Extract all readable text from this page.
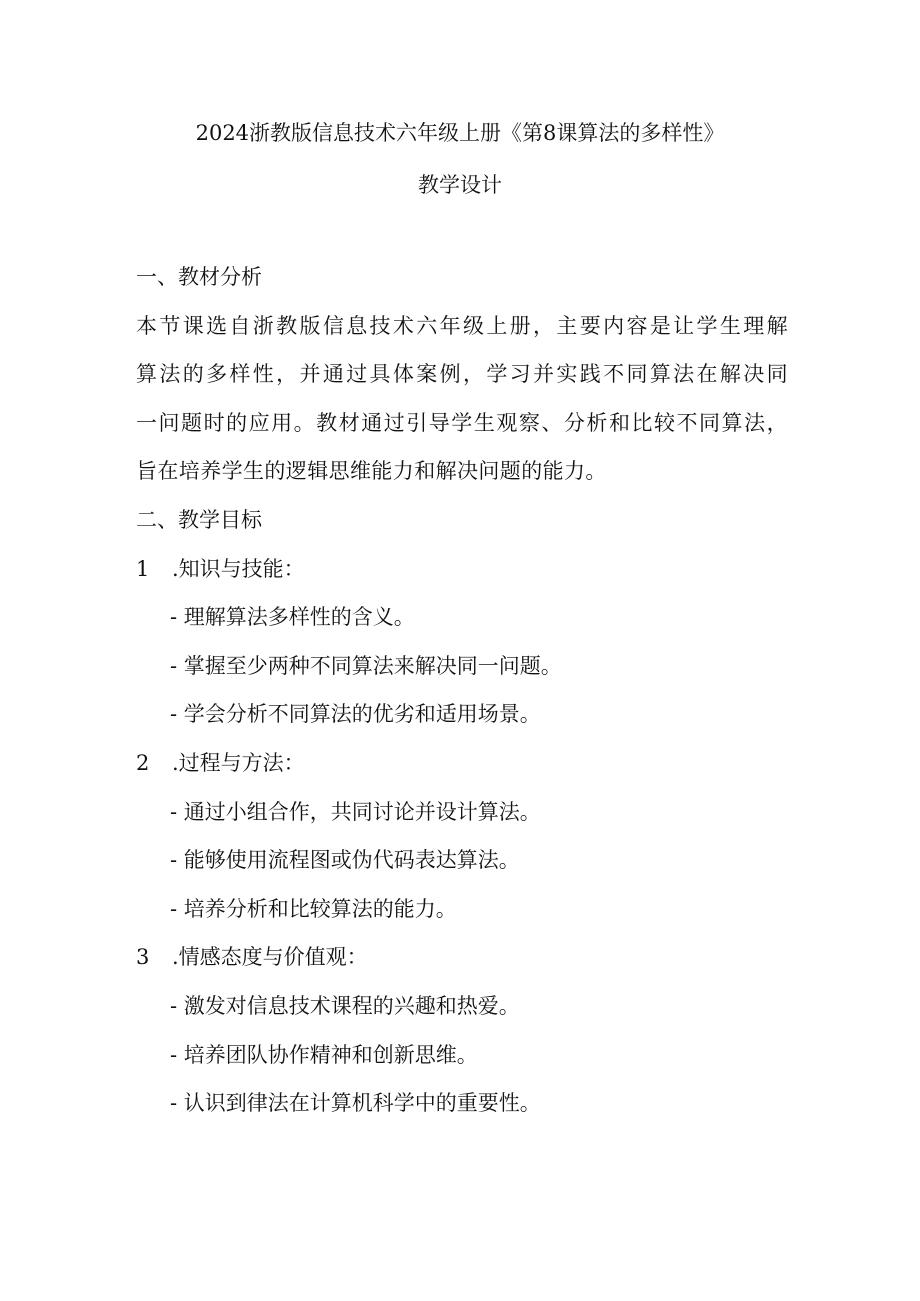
2024浙教版信息技术六年级上册《第8课算法的多样性》
教学设计
一、教材分析
本节课选自浙教版信息技术六年级上册，主要内容是让学生理解
算法的多样性，并通过具体案例，学习并实践不同算法在解决同
一问题时的应用。教材通过引导学生观察、分析和比较不同算法，
旨在培养学生的逻辑思维能力和解决问题的能力。
二、教学目标
1 .知识与技能：
- 理解算法多样性的含义。
- 掌握至少两种不同算法来解决同一问题。
- 学会分析不同算法的优劣和适用场景。
2 .过程与方法：
- 通过小组合作，共同讨论并设计算法。
- 能够使用流程图或伪代码表达算法。
- 培养分析和比较算法的能力。
3 .情感态度与价值观：
- 激发对信息技术课程的兴趣和热爱。
- 培养团队协作精神和创新思维。
- 认识到律法在计算机科学中的重要性。
